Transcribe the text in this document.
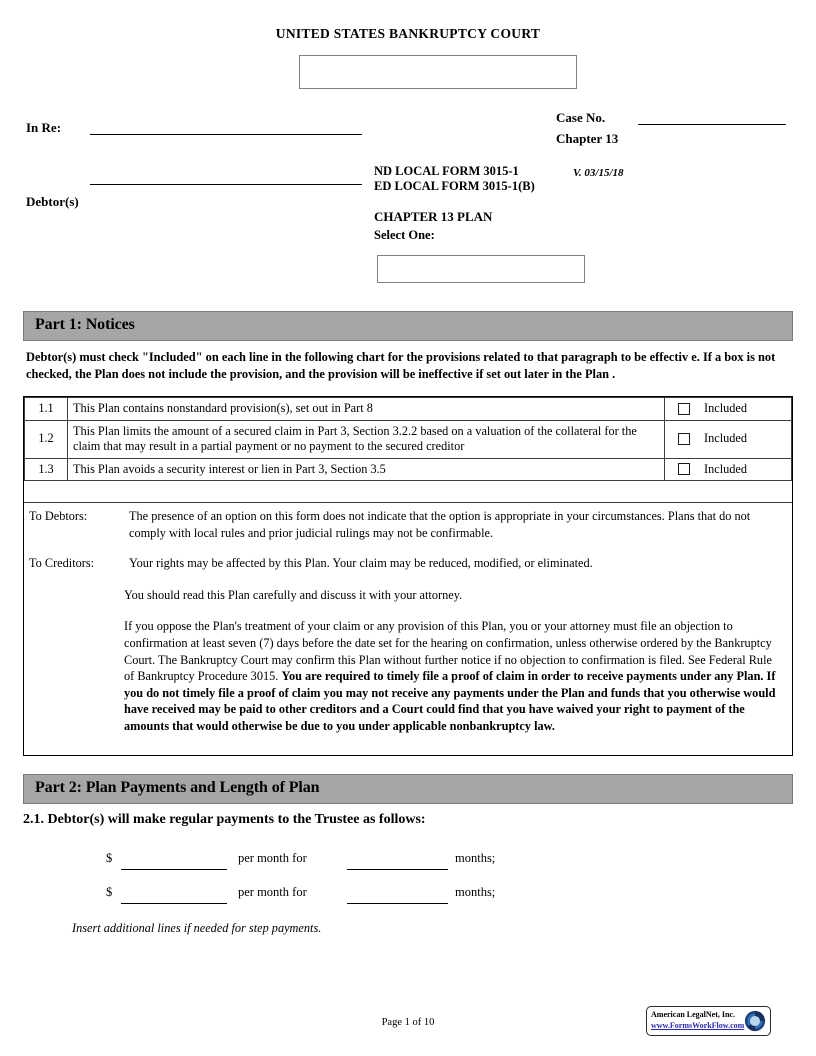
UNITED STATES BANKRUPTCY COURT
In Re:
Debtor(s)
Case No.
Chapter 13
ND LOCAL FORM 3015-1
ED LOCAL FORM 3015-1(B)
V. 03/15/18
CHAPTER 13 PLAN
Select One:
Part 1: Notices
Debtor(s) must check "Included" on each line in the following chart for the provisions related to that paragraph to be effectiv e. If a box is not checked, the Plan does not include the provision, and the provision will be ineffective if set out later in the Plan .
1.1	This Plan contains nonstandard provision(s), set out in Part 8	Included

1.2	This Plan limits the amount of a secured claim in Part 3, Section 3.2.2 based on a valuation of the collateral for the claim that may result in a partial payment or no payment to the secured creditor	Included

1.3	This Plan avoids a security interest or lien in Part 3, Section 3.5	Included
To Debtors:	The presence of an option on this form does not indicate that the option is appropriate in your circumstances. Plans that do not comply with local rules and prior judicial rulings may not be confirmable.
To Creditors:	Your rights may be affected by this Plan. Your claim may be reduced, modified, or eliminated.
You should read this Plan carefully and discuss it with your attorney.
If you oppose the Plan's treatment of your claim or any provision of this Plan, you or your attorney must file an objection to confirmation at least seven (7) days before the date set for the hearing on confirmation, unless otherwise ordered by the Bankruptcy Court. The Bankruptcy Court may confirm this Plan without further notice if no objection to confirmation is filed. See Federal Rule of Bankruptcy Procedure 3015. You are required to timely file a proof of claim in order to receive payments under any Plan. If you do not timely file a proof of claim you may not receive any payments under the Plan and funds that you otherwise would have received may be paid to other creditors and a Court could find that you have waived your right to payment of the amounts that would otherwise be due to you under applicable nonbankruptcy law.
Part 2: Plan Payments and Length of Plan
2.1. Debtor(s) will make regular payments to the Trustee as follows:
$	per month for	months;
$	per month for	months;
Insert additional lines if needed for step payments.
Page 1 of 10
American LegalNet, Inc.
www.FormsWorkFlow.com
